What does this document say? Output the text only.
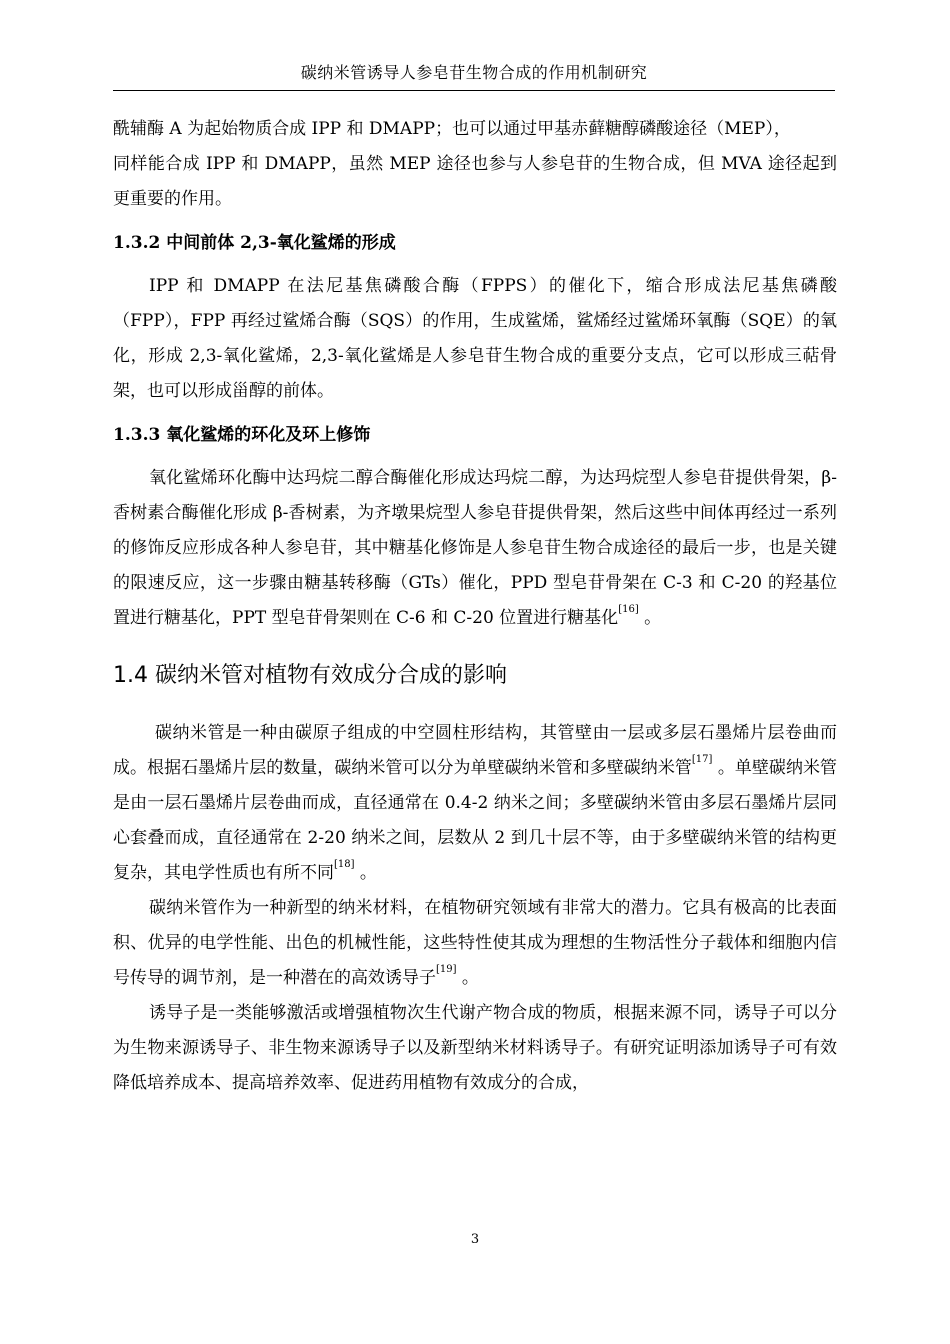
碳纳米管诱导人参皂苷生物合成的作用机制研究

酰辅酶 A 为起始物质合成 IPP 和 DMAPP；也可以通过甲基赤藓糖醇磷酸途径（MEP），

同样能合成 IPP 和 DMAPP，虽然 MEP 途径也参与人参皂苷的生物合成，但 MVA 途径起到更重要的作用。

1.3.2 中间前体 2,3-氧化鲨烯的形成

IPP 和 DMAPP 在法尼基焦磷酸合酶（FPPS）的催化下，缩合形成法尼基焦磷酸（FPP），FPP 再经过鲨烯合酶（SQS）的作用，生成鲨烯，鲨烯经过鲨烯环氧酶（SQE）的氧化，形成 2,3-氧化鲨烯，2,3-氧化鲨烯是人参皂苷生物合成的重要分支点，它可以形成三萜骨架，也可以形成甾醇的前体。

1.3.3 氧化鲨烯的环化及环上修饰

氧化鲨烯环化酶中达玛烷二醇合酶催化形成达玛烷二醇，为达玛烷型人参皂苷提供骨架，β-香树素合酶催化形成 β-香树素，为齐墩果烷型人参皂苷提供骨架，然后这些中间体再经过一系列的修饰反应形成各种人参皂苷，其中糖基化修饰是人参皂苷生物合成途径的最后一步，也是关键的限速反应，这一步骤由糖基转移酶（GTs）催化，PPD 型皂苷骨架在 C-3 和 C-20 的羟基位置进行糖基化，PPT 型皂苷骨架则在 C-6 和 C-20 位置进行糖基化[16] 。

1.4 碳纳米管对植物有效成分合成的影响

碳纳米管是一种由碳原子组成的中空圆柱形结构，其管壁由一层或多层石墨烯片层卷曲而成。根据石墨烯片层的数量，碳纳米管可以分为单壁碳纳米管和多壁碳纳米管[17] 。单壁碳纳米管是由一层石墨烯片层卷曲而成，直径通常在 0.4-2 纳米之间；多壁碳纳米管由多层石墨烯片层同心套叠而成，直径通常在 2-20 纳米之间，层数从 2 到几十层不等，由于多壁碳纳米管的结构更复杂，其电学性质也有所不同[18] 。

碳纳米管作为一种新型的纳米材料，在植物研究领域有非常大的潜力。它具有极高的比表面积、优异的电学性能、出色的机械性能，这些特性使其成为理想的生物活性分子载体和细胞内信号传导的调节剂，是一种潜在的高效诱导子[19] 。

诱导子是一类能够激活或增强植物次生代谢产物合成的物质，根据来源不同，诱导子可以分为生物来源诱导子、非生物来源诱导子以及新型纳米材料诱导子。有研究证明添加诱导子可有效降低培养成本、提高培养效率、促进药用植物有效成分的合成，

3
